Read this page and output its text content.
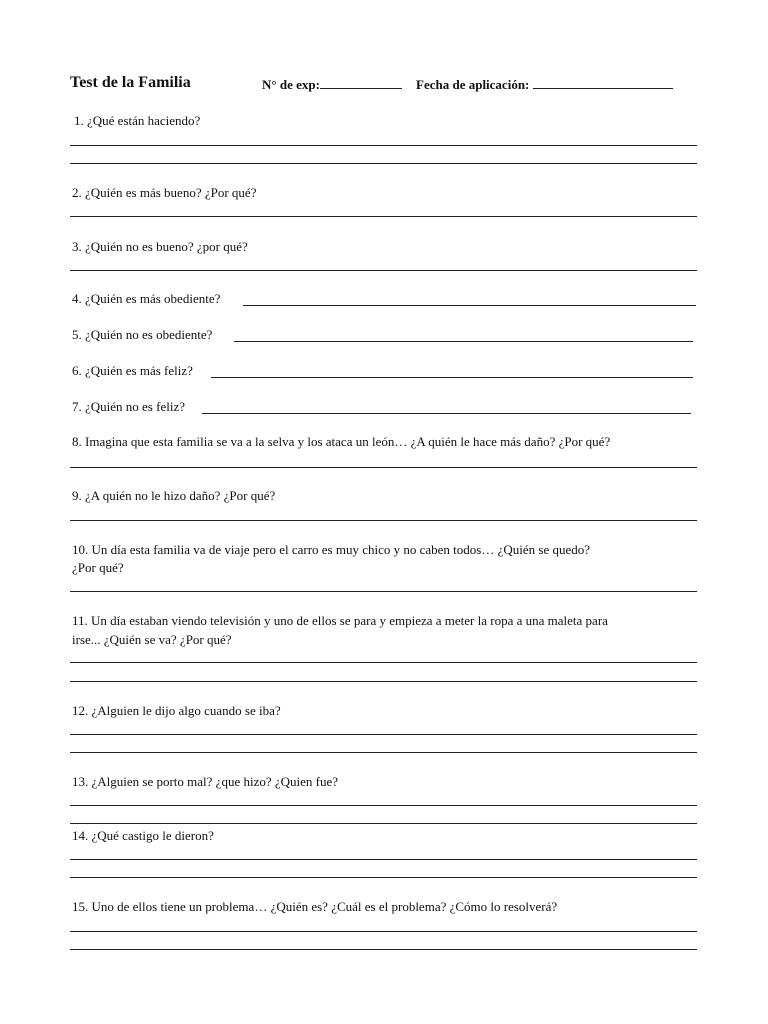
Test de la Familia	N° de exp:	Fecha de aplicación:
1. ¿Qué están haciendo?
2. ¿Quién es más bueno? ¿Por qué?
3. ¿Quién no es bueno? ¿por qué?
4. ¿Quién es más obediente?
5. ¿Quién no es obediente?
6. ¿Quién es más feliz?
7. ¿Quién no es feliz?
8. Imagina que esta familia se va a la selva y los ataca un león… ¿A quién le hace más daño? ¿Por qué?
9. ¿A quién no le hizo daño? ¿Por qué?
10. Un día esta familia va de viaje pero el carro es muy chico y no caben todos… ¿Quién se quedo?
¿Por qué?
11. Un día estaban viendo televisión y uno de ellos se para y empieza a meter la ropa a una maleta para
irse... ¿Quién se va? ¿Por qué?
12. ¿Alguien le dijo algo cuando se iba?
13. ¿Alguien se porto mal? ¿que hizo? ¿Quien fue?
14. ¿Qué castigo le dieron?
15. Uno de ellos tiene un problema… ¿Quién es? ¿Cuál es el problema? ¿Cómo lo resolverá?
